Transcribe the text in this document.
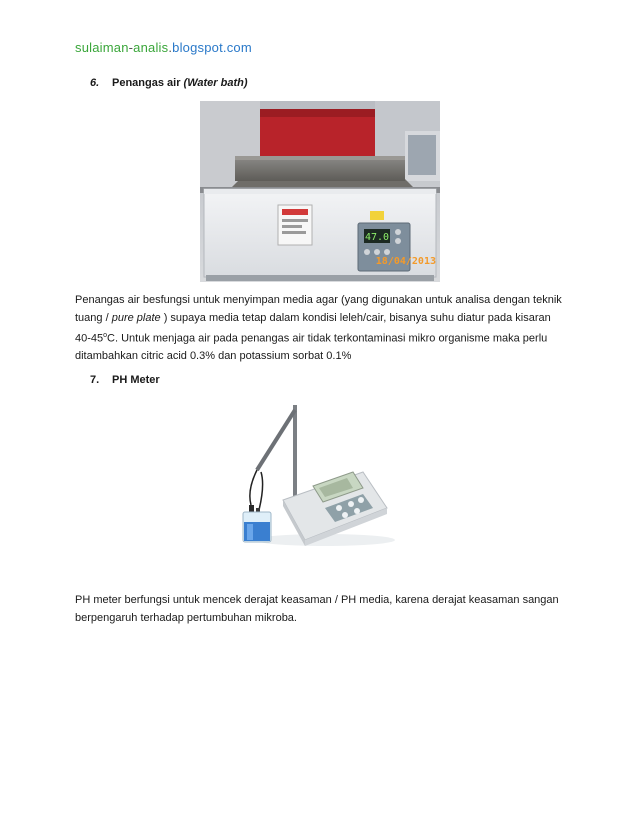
sulaiman-analis.blogspot.com
6. Penangas air (Water bath)
47.0
18/04/2013
Penangas air besfungsi untuk menyimpan media agar (yang digunakan untuk analisa dengan teknik tuang / pure plate ) supaya media tetap dalam kondisi leleh/cair, bisanya suhu diatur pada kisaran 40-45$^o$C. Untuk menjaga air pada penangas air tidak terkontaminasi mikro organisme maka perlu ditambahkan citric acid 0.3% dan potassium sorbat 0.1%
7. PH Meter
PH meter berfungsi untuk mencek derajat keasaman / PH media, karena derajat keasaman sangan berpengaruh terhadap pertumbuhan mikroba.
